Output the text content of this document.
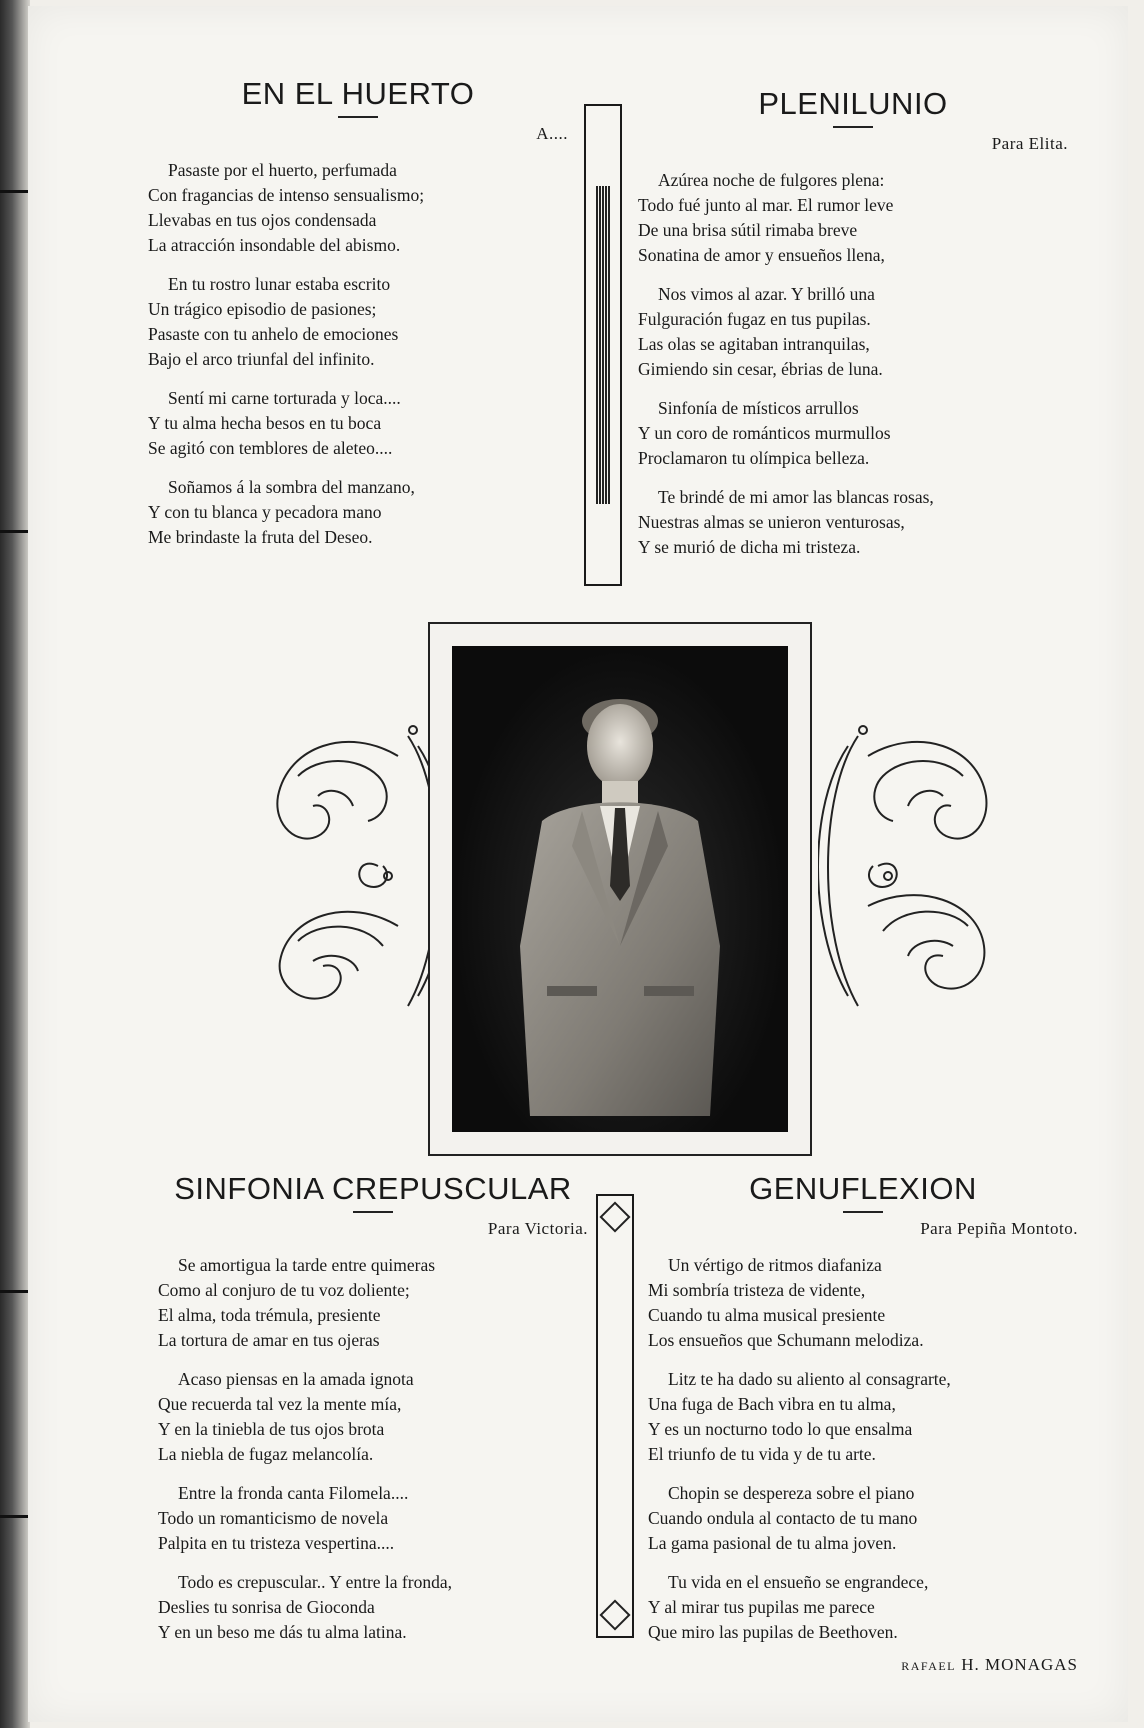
EN EL HUERTO
A....
Pasaste por el huerto, perfumada
Con fragancias de intenso sensualismo;
Llevabas en tus ojos condensada
La atracción insondable del abismo.
En tu rostro lunar estaba escrito
Un trágico episodio de pasiones;
Pasaste con tu anhelo de emociones
Bajo el arco triunfal del infinito.
Sentí mi carne torturada y loca....
Y tu alma hecha besos en tu boca
Se agitó con temblores de aleteo....
Soñamos á la sombra del manzano,
Y con tu blanca y pecadora mano
Me brindaste la fruta del Deseo.
PLENILUNIO
Para Elita.
Azúrea noche de fulgores plena:
Todo fué junto al mar. El rumor leve
De una brisa sútil rimaba breve
Sonatina de amor y ensueños llena,
Nos vimos al azar. Y brilló una
Fulguración fugaz en tus pupilas.
Las olas se agitaban intranquilas,
Gimiendo sin cesar, ébrias de luna.
Sinfonía de místicos arrullos
Y un coro de románticos murmullos
Proclamaron tu olímpica belleza.
Te brindé de mi amor las blancas rosas,
Nuestras almas se unieron venturosas,
Y se murió de dicha mi tristeza.
SINFONIA CREPUSCULAR
Para Victoria.
Se amortigua la tarde entre quimeras
Como al conjuro de tu voz doliente;
El alma, toda trémula, presiente
La tortura de amar en tus ojeras
Acaso piensas en la amada ignota
Que recuerda tal vez la mente mía,
Y en la tiniebla de tus ojos brota
La niebla de fugaz melancolía.
Entre la fronda canta Filomela....
Todo un romanticismo de novela
Palpita en tu tristeza vespertina....
Todo es crepuscular.. Y entre la fronda,
Deslies tu sonrisa de Gioconda
Y en un beso me dás tu alma latina.
GENUFLEXION
Para Pepiña Montoto.
Un vértigo de ritmos diafaniza
Mi sombría tristeza de vidente,
Cuando tu alma musical presiente
Los ensueños que Schumann melodiza.
Litz te ha dado su aliento al consagrarte,
Una fuga de Bach vibra en tu alma,
Y es un nocturno todo lo que ensalma
El triunfo de tu vida y de tu arte.
Chopin se despereza sobre el piano
Cuando ondula al contacto de tu mano
La gama pasional de tu alma joven.
Tu vida en el ensueño se engrandece,
Y al mirar tus pupilas me parece
Que miro las pupilas de Beethoven.
RAFAEL H. MONAGAS
